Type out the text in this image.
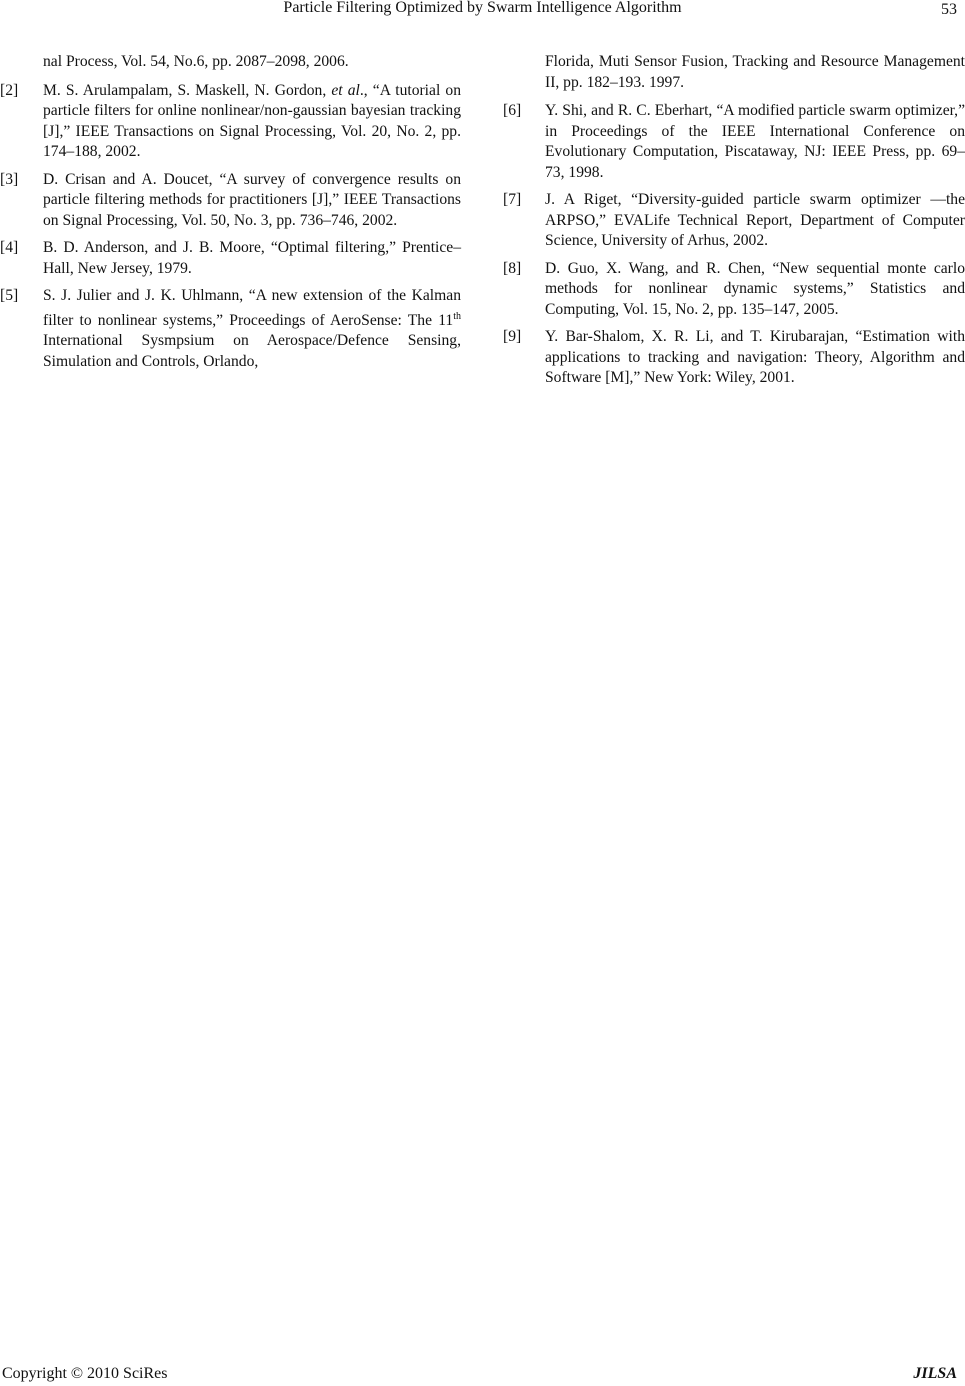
Particle Filtering Optimized by Swarm Intelligence Algorithm	53
nal Process, Vol. 54, No.6, pp. 2087–2098, 2006.
[2] M. S. Arulampalam, S. Maskell, N. Gordon, et al., “A tutorial on particle filters for online nonlinear/non-gaussian bayesian tracking [J],” IEEE Transactions on Signal Processing, Vol. 20, No. 2, pp. 174–188, 2002.
[3] D. Crisan and A. Doucet, “A survey of convergence results on particle filtering methods for practitioners [J],” IEEE Transactions on Signal Processing, Vol. 50, No. 3, pp. 736–746, 2002.
[4] B. D. Anderson, and J. B. Moore, “Optimal filtering,” Prentice–Hall, New Jersey, 1979.
[5] S. J. Julier and J. K. Uhlmann, “A new extension of the Kalman filter to nonlinear systems,” Proceedings of AeroSense: The 11th International Sysmpsium on Aerospace/Defence Sensing, Simulation and Controls, Orlando,
Florida, Muti Sensor Fusion, Tracking and Resource Management II, pp. 182–193. 1997.
[6] Y. Shi, and R. C. Eberhart, “A modified particle swarm optimizer,” in Proceedings of the IEEE International Conference on Evolutionary Computation, Piscataway, NJ: IEEE Press, pp. 69–73, 1998.
[7] J. A Riget, “Diversity-guided particle swarm optimizer —the ARPSO,” EVALife Technical Report, Department of Computer Science, University of Arhus, 2002.
[8] D. Guo, X. Wang, and R. Chen, “New sequential monte carlo methods for nonlinear dynamic systems,” Statistics and Computing, Vol. 15, No. 2, pp. 135–147, 2005.
[9] Y. Bar-Shalom, X. R. Li, and T. Kirubarajan, “Estimation with applications to tracking and navigation: Theory, Algorithm and Software [M],” New York: Wiley, 2001.
Copyright © 2010 SciRes	JILSA
